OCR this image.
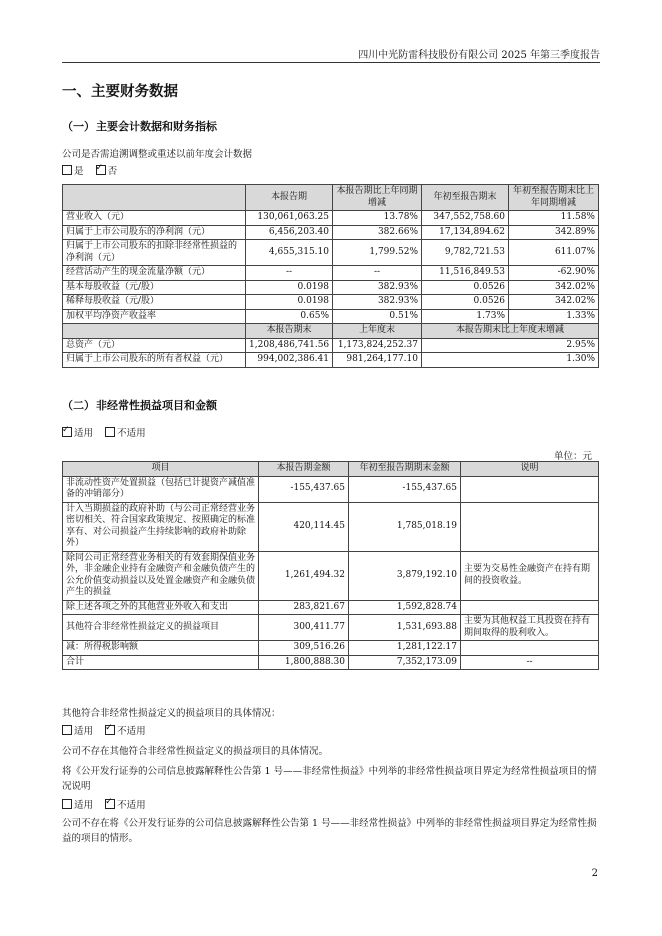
四川中光防雷科技股份有限公司 2025 年第三季度报告
一、主要财务数据
（一）主要会计数据和财务指标
公司是否需追溯调整或重述以前年度会计数据
是 ✓	否
	本报告期	本报告期比上年同期增减	年初至报告期末	年初至报告期末比上年同期增减
营业收入（元）	130,061,063.25	13.78%	347,552,758.60	11.58%
归属于上市公司股东的净利润（元）	6,456,203.40	382.66%	17,134,894.62	342.89%
归属于上市公司股东的扣除非经常性损益的净利润（元）	4,655,315.10	1,799.52%	9,782,721.53	611.07%
经营活动产生的现金流量净额（元）	--	--	11,516,849.53	-62.90%
基本每股收益（元/股）	0.0198	382.93%	0.0526	342.02%
稀释每股收益（元/股）	0.0198	382.93%	0.0526	342.02%
加权平均净资产收益率	0.65%	0.51%	1.73%	1.33%
	本报告期末	上年度末	本报告期末比上年度末增减	
总资产（元）	1,208,486,741.56	1,173,824,252.37	2.95%	
归属于上市公司股东的所有者权益（元）	994,002,386.41	981,264,177.10	1.30%	
（二）非经常性损益项目和金额
✓适用	不适用
单位：元
项目	本报告期金额	年初至报告期期末金额	说明
非流动性资产处置损益（包括已计提资产减值准备的冲销部分）	-155,437.65	-155,437.65	
计入当期损益的政府补助（与公司正常经营业务密切相关、符合国家政策规定、按照确定的标准享有、对公司损益产生持续影响的政府补助除外）	420,114.45	1,785,018.19	
除同公司正常经营业务相关的有效套期保值业务外，非金融企业持有金融资产和金融负债产生的公允价值变动损益以及处置金融资产和金融负债产生的损益	1,261,494.32	3,879,192.10	主要为交易性金融资产在持有期间的投资收益。
除上述各项之外的其他营业外收入和支出	283,821.67	1,592,828.74	
其他符合非经常性损益定义的损益项目	300,411.77	1,531,693.88	主要为其他权益工具投资在持有期间取得的股利收入。
减：所得税影响额	309,516.26	1,281,122.17	
合计	1,800,888.30	7,352,173.09	--
其他符合非经常性损益定义的损益项目的具体情况：
适用 ✓	不适用
公司不存在其他符合非经常性损益定义的损益项目的具体情况。
将《公开发行证券的公司信息披露解释性公告第 1 号——非经常性损益》中列举的非经常性损益项目界定为经常性损益项目的情况说明
适用 ✓	不适用
公司不存在将《公开发行证券的公司信息披露解释性公告第 1 号——非经常性损益》中列举的非经常性损益项目界定为经常性损益的项目的情形。
2
